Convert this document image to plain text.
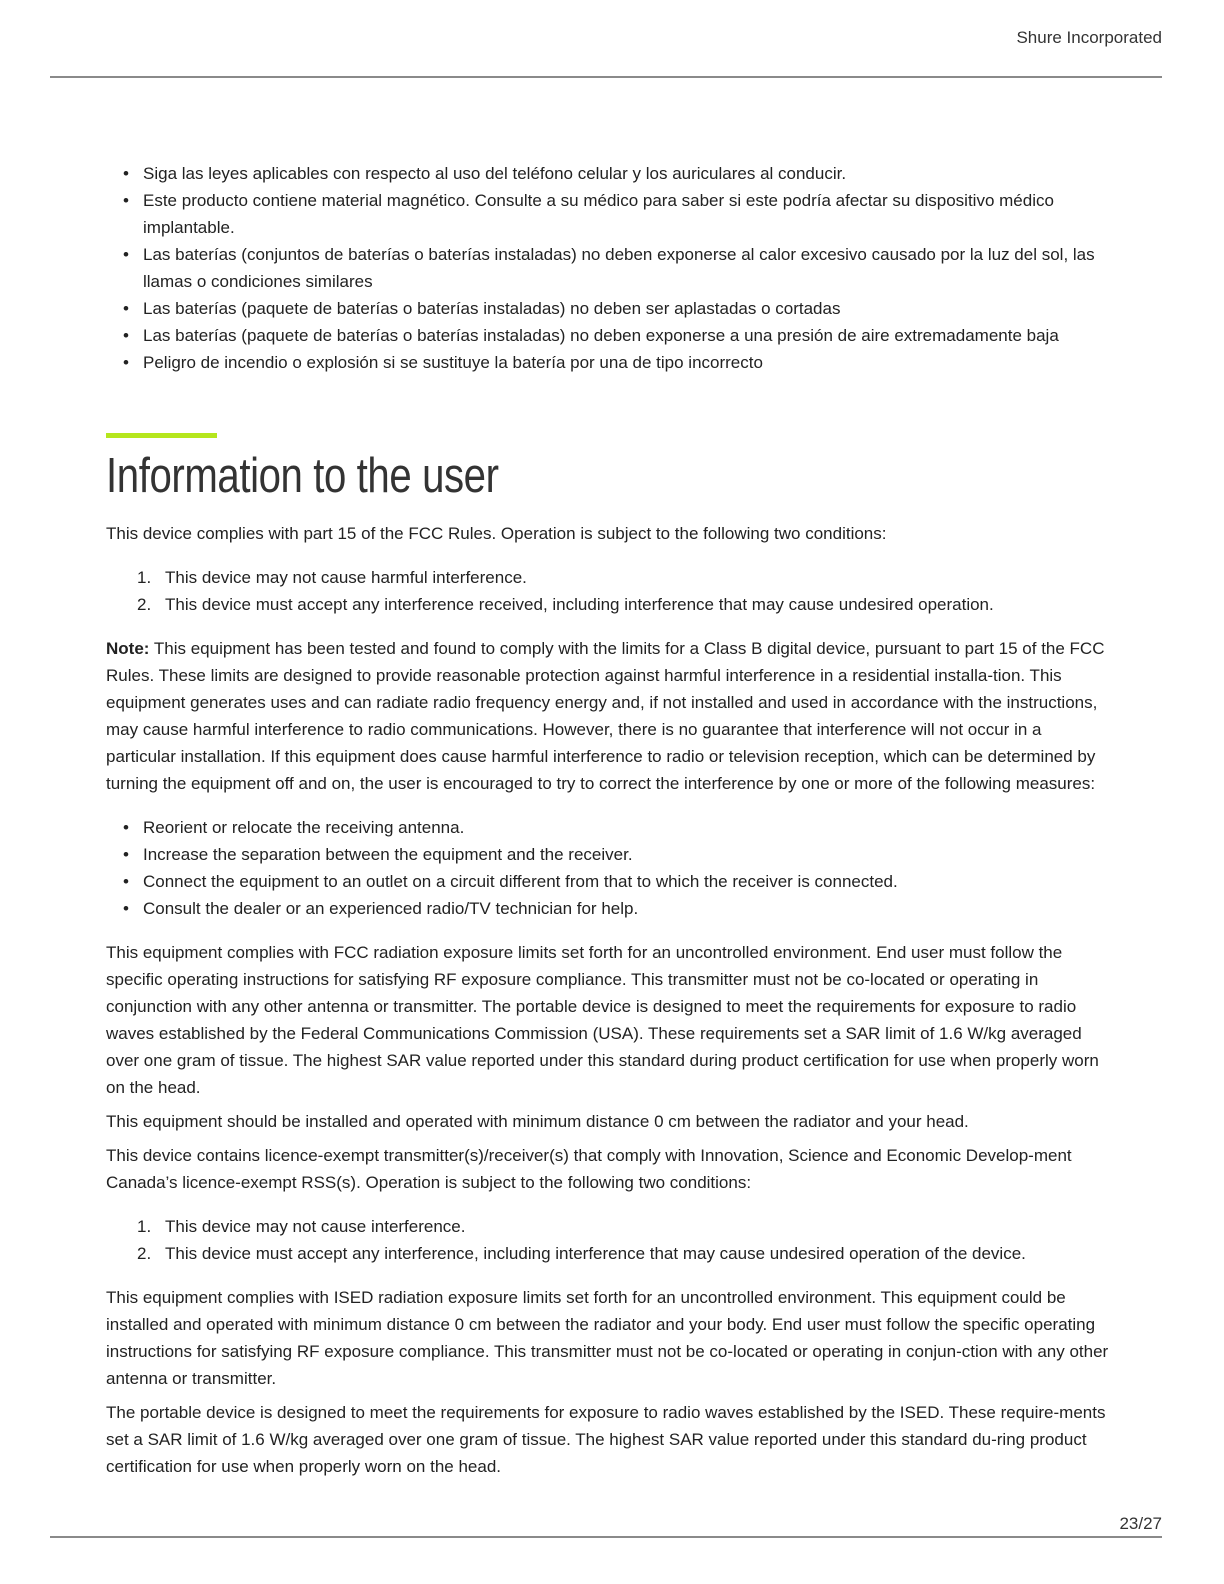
Shure Incorporated
• Siga las leyes aplicables con respecto al uso del teléfono celular y los auriculares al conducir.
• Este producto contiene material magnético. Consulte a su médico para saber si este podría afectar su dispositivo médico implantable.
• Las baterías (conjuntos de baterías o baterías instaladas) no deben exponerse al calor excesivo causado por la luz del sol, las llamas o condiciones similares
• Las baterías (paquete de baterías o baterías instaladas) no deben ser aplastadas o cortadas
• Las baterías (paquete de baterías o baterías instaladas) no deben exponerse a una presión de aire extremadamente baja
• Peligro de incendio o explosión si se sustituye la batería por una de tipo incorrecto
Information to the user

This device complies with part 15 of the FCC Rules. Operation is subject to the following two conditions:

1. This device may not cause harmful interference.
2. This device must accept any interference received, including interference that may cause undesired operation.

Note: This equipment has been tested and found to comply with the limits for a Class B digital device, pursuant to part 15 of the FCC Rules. These limits are designed to provide reasonable protection against harmful interference in a residential installa-tion. This equipment generates uses and can radiate radio frequency energy and, if not installed and used in accordance with the instructions, may cause harmful interference to radio communications. However, there is no guarantee that interference will not occur in a particular installation. If this equipment does cause harmful interference to radio or television reception, which can be determined by turning the equipment off and on, the user is encouraged to try to correct the interference by one or more of the following measures:

• Reorient or relocate the receiving antenna.
• Increase the separation between the equipment and the receiver.
• Connect the equipment to an outlet on a circuit different from that to which the receiver is connected.
• Consult the dealer or an experienced radio/TV technician for help.

This equipment complies with FCC radiation exposure limits set forth for an uncontrolled environment. End user must follow the specific operating instructions for satisfying RF exposure compliance. This transmitter must not be co-located or operating in conjunction with any other antenna or transmitter. The portable device is designed to meet the requirements for exposure to radio waves established by the Federal Communications Commission (USA). These requirements set a SAR limit of 1.6 W/kg averaged over one gram of tissue. The highest SAR value reported under this standard during product certification for use when properly worn on the head.

This equipment should be installed and operated with minimum distance 0 cm between the radiator and your head.

This device contains licence-exempt transmitter(s)/receiver(s) that comply with Innovation, Science and Economic Develop-ment Canada’s licence-exempt RSS(s). Operation is subject to the following two conditions:

1. This device may not cause interference.
2. This device must accept any interference, including interference that may cause undesired operation of the device.

This equipment complies with ISED radiation exposure limits set forth for an uncontrolled environment. This equipment could be installed and operated with minimum distance 0 cm between the radiator and your body. End user must follow the specific operating instructions for satisfying RF exposure compliance. This transmitter must not be co-located or operating in conjun-ction with any other antenna or transmitter.

The portable device is designed to meet the requirements for exposure to radio waves established by the ISED. These require-ments set a SAR limit of 1.6 W/kg averaged over one gram of tissue. The highest SAR value reported under this standard du-ring product certification for use when properly worn on the head.

23/27
